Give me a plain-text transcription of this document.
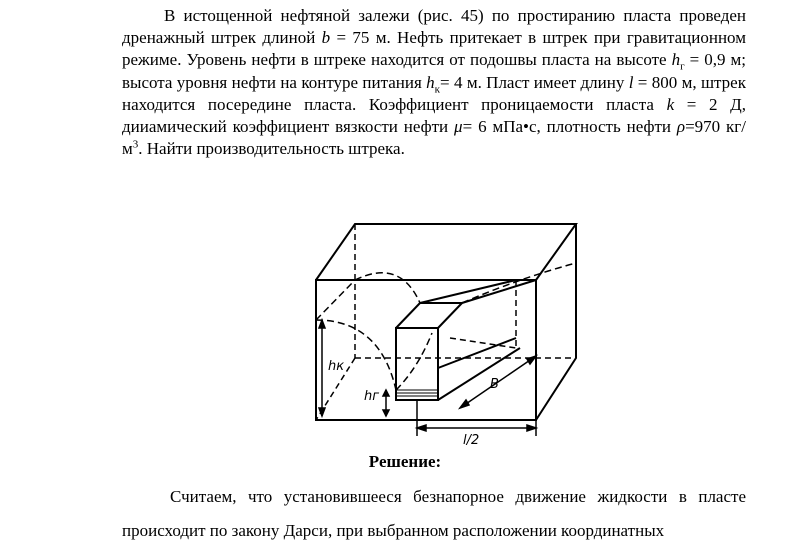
В истощенной нефтяной залежи (рис. 45) по простиранию пласта проведен дренажный штрек длиной b = 75 м. Нефть притекает в штрек при гравитационном режиме. Уровень нефти в штреке находится от подошвы пласта на высоте $h_г = 0,9$ м; высота уровня нефти на контуре питания $h_к= 4$ м. Пласт имеет длину l = 800 м, штрек находится посередине пласта. Коэффициент проницаемости пласта k = 2 Д, дииамический коэффициент вязкости нефти μ= 6 мПа•с, плотность нефти ρ=970 $кг/м^3$. Найти производительность штрека.

hк
hг
B
l/2
Решение:

Считаем, что установившееся безнапорное движение жидкости в пласте происходит по закону Дарси, при выбранном расположении координатных
